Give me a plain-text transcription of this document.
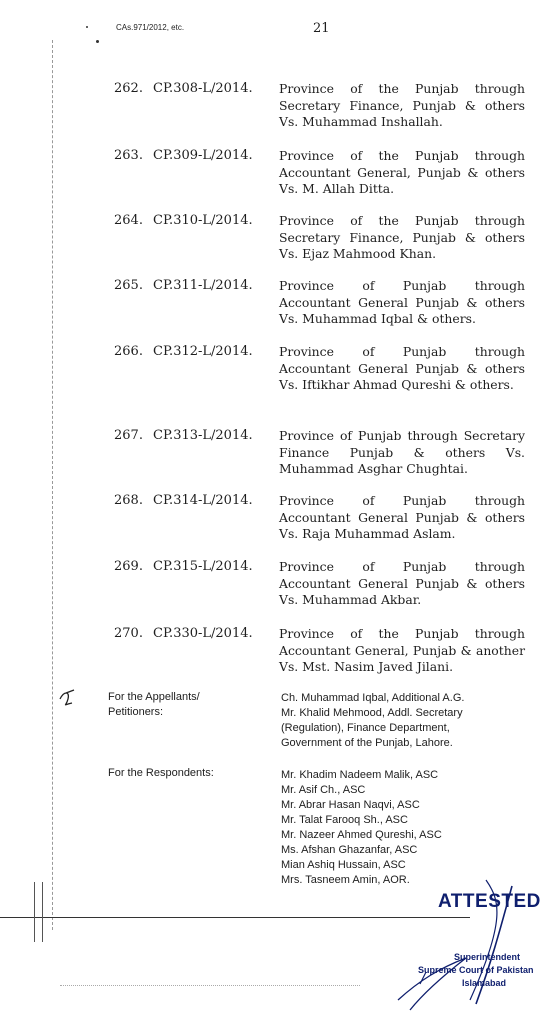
CAs.971/2012, etc.	21
262. CP.308-L/2014. Province of the Punjab through Secretary Finance, Punjab & others Vs. Muhammad Inshallah.
263. CP.309-L/2014. Province of the Punjab through Accountant General, Punjab & others Vs. M. Allah Ditta.
264. CP.310-L/2014. Province of the Punjab through Secretary Finance, Punjab & others Vs. Ejaz Mahmood Khan.
265. CP.311-L/2014. Province of Punjab through Accountant General Punjab & others Vs. Muhammad Iqbal & others.
266. CP.312-L/2014. Province of Punjab through Accountant General Punjab & others Vs. Iftikhar Ahmad Qureshi & others.
267. CP.313-L/2014. Province of Punjab through Secretary Finance Punjab & others Vs. Muhammad Asghar Chughtai.
268. CP.314-L/2014. Province of Punjab through Accountant General Punjab & others Vs. Raja Muhammad Aslam.
269. CP.315-L/2014. Province of Punjab through Accountant General Punjab & others Vs. Muhammad Akbar.
270. CP.330-L/2014. Province of the Punjab through Accountant General, Punjab & another Vs. Mst. Nasim Javed Jilani.
For the Appellants/
Petitioners:
Ch. Muhammad Iqbal, Additional A.G.
Mr. Khalid Mehmood, Addl. Secretary
(Regulation), Finance Department,
Government of the Punjab, Lahore.
For the Respondents:	Mr. Khadim Nadeem Malik, ASC
Mr. Asif Ch., ASC
Mr. Abrar Hasan Naqvi, ASC
Mr. Talat Farooq Sh., ASC
Mr. Nazeer Ahmed Qureshi, ASC
Ms. Afshan Ghazanfar, ASC
Mian Ashiq Hussain, ASC
Mrs. Tasneem Amin, AOR.
ATTESTED
Superintendent
Supreme Court of Pakistan
Islamabad
